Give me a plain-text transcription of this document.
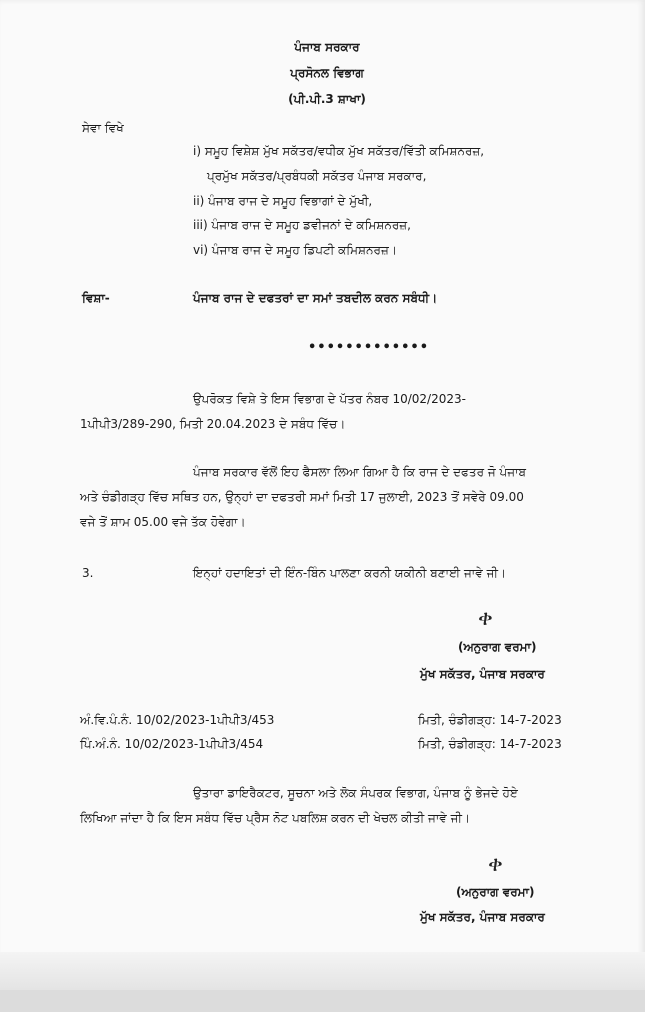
ਪੰਜਾਬ ਸਰਕਾਰ
ਪ੍ਰਸੋਨਲ ਵਿਭਾਗ
(ਪੀ.ਪੀ.3 ਸ਼ਾਖਾ)
ਸੇਵਾ ਵਿਖੇ
i) ਸਮੂਹ ਵਿਸ਼ੇਸ਼ ਮੁੱਖ ਸਕੱਤਰ/ਵਧੀਕ ਮੁੱਖ ਸਕੱਤਰ/ਵਿੱਤੀ ਕਮਿਸ਼ਨਰਜ਼,
ਪ੍ਰਮੁੱਖ ਸਕੱਤਰ/ਪ੍ਰਬੰਧਕੀ ਸਕੱਤਰ ਪੰਜਾਬ ਸਰਕਾਰ,
ii) ਪੰਜਾਬ ਰਾਜ ਦੇ ਸਮੂਹ ਵਿਭਾਗਾਂ ਦੇ ਮੁੱਖੀ,
iii) ਪੰਜਾਬ ਰਾਜ ਦੇ ਸਮੂਹ ਡਵੀਜਨਾਂ ਦੇ ਕਮਿਸ਼ਨਰਜ਼,
vi) ਪੰਜਾਬ ਰਾਜ ਦੇ ਸਮੂਹ ਡਿਪਟੀ ਕਮਿਸ਼ਨਰਜ਼।
ਵਿਸ਼ਾ-	ਪੰਜਾਬ ਰਾਜ ਦੇ ਦਫਤਰਾਂ ਦਾ ਸਮਾਂ ਤਬਦੀਲ ਕਰਨ ਸਬੰਧੀ।
•••••••••••••
ਉਪਰੋਕਤ ਵਿਸ਼ੇ ਤੇ ਇਸ ਵਿਭਾਗ ਦੇ ਪੱਤਰ ਨੰਬਰ 10/02/2023-
1ਪੀਪੀ3/289-290, ਮਿਤੀ 20.04.2023 ਦੇ ਸਬੰਧ ਵਿੱਚ।
ਪੰਜਾਬ ਸਰਕਾਰ ਵੱਲੋਂ ਇਹ ਫੈਸਲਾ ਲਿਆ ਗਿਆ ਹੈ ਕਿ ਰਾਜ ਦੇ ਦਫਤਰ ਜੋ ਪੰਜਾਬ
ਅਤੇ ਚੰਡੀਗੜ੍ਹ ਵਿੱਚ ਸਥਿਤ ਹਨ, ਉਨ੍ਹਾਂ ਦਾ ਦਫਤਰੀ ਸਮਾਂ ਮਿਤੀ 17 ਜੁਲਾਈ, 2023 ਤੋਂ ਸਵੇਰੇ 09.00
ਵਜੇ ਤੋਂ ਸ਼ਾਮ 05.00 ਵਜੇ ਤੱਕ ਹੋਵੇਗਾ।
3.	ਇਨ੍ਹਾਂ ਹਦਾਇਤਾਂ ਦੀ ਇੰਨ-ਬਿੰਨ ਪਾਲਣਾ ਕਰਨੀ ਯਕੀਨੀ ਬਣਾਈ ਜਾਵੇ ਜੀ।
ቀ
(ਅਨੁਰਾਗ ਵਰਮਾ)
ਮੁੱਖ ਸਕੱਤਰ, ਪੰਜਾਬ ਸਰਕਾਰ
ਅੰ.ਵਿ.ਪੰ.ਨੰ. 10/02/2023-1ਪੀਪੀ3/453	ਮਿਤੀ, ਚੰਡੀਗੜ੍ਹ: 14-7-2023
ਪਿੰ.ਅੰ.ਨੰ. 10/02/2023-1ਪੀਪੀ3/454	ਮਿਤੀ, ਚੰਡੀਗੜ੍ਹ: 14-7-2023
ਉਤਾਰਾ ਡਾਇਰੈਕਟਰ, ਸੂਚਨਾ ਅਤੇ ਲੋਕ ਸੰਪਰਕ ਵਿਭਾਗ, ਪੰਜਾਬ ਨੂੰ ਭੇਜਦੇ ਹੋਏ
ਲਿਖਿਆ ਜਾਂਦਾ ਹੈ ਕਿ ਇਸ ਸਬੰਧ ਵਿੱਚ ਪ੍ਰੈਸ ਨੋਟ ਪਬਲਿਸ਼ ਕਰਨ ਦੀ ਖੇਚਲ ਕੀਤੀ ਜਾਵੇ ਜੀ।
ቀ
(ਅਨੁਰਾਗ ਵਰਮਾ)
ਮੁੱਖ ਸਕੱਤਰ, ਪੰਜਾਬ ਸਰਕਾਰ
